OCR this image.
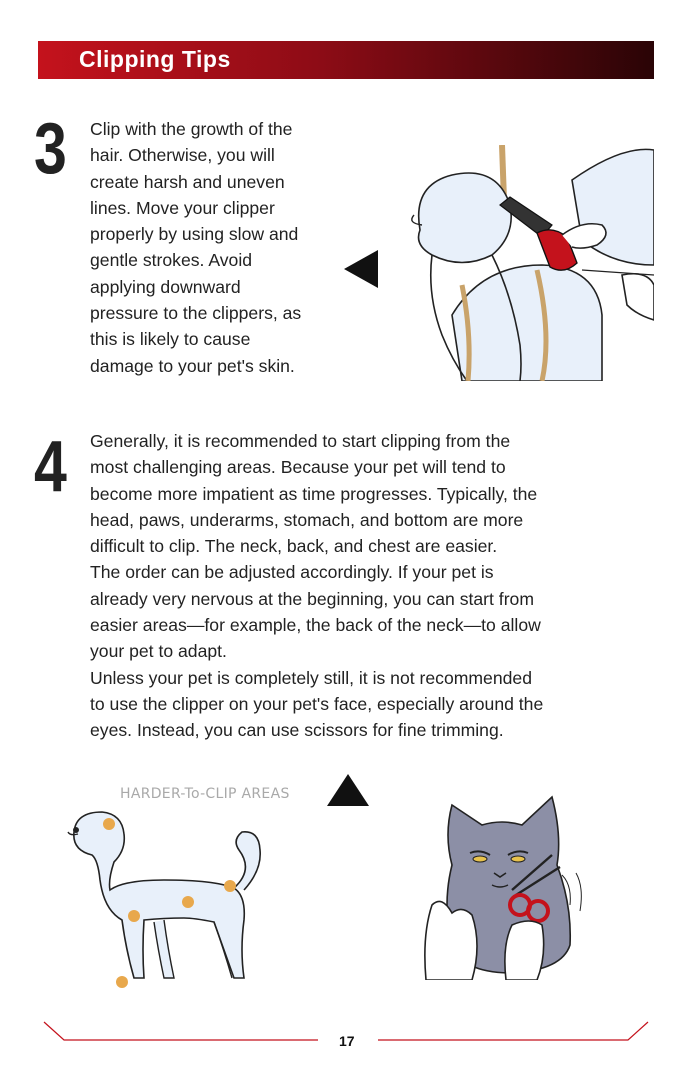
Clipping Tips
3 Clip with the growth of the

hair. Otherwise, you will

create harsh and uneven

lines. Move your clipper

properly by using slow and

gentle strokes. Avoid

applying downward

pressure to the clippers, as

this is likely to cause

damage to your pet's skin.

4 Generally, it is recommended to start clipping from the

most challenging areas. Because your pet will tend to

become more impatient as time progresses. Typically, the

head, paws, underarms, stomach, and bottom are more

difficult to clip. The neck, back, and chest are easier.

The order can be adjusted accordingly. If your pet is

already very nervous at the beginning, you can start from

easier areas—for example, the back of the neck—to allow

your pet to adapt.

Unless your pet is completely still, it is not recommended

to use the clipper on your pet's face, especially around the

eyes. Instead, you can use scissors for fine trimming.

HARDER-To-CLIP AREAS
17
